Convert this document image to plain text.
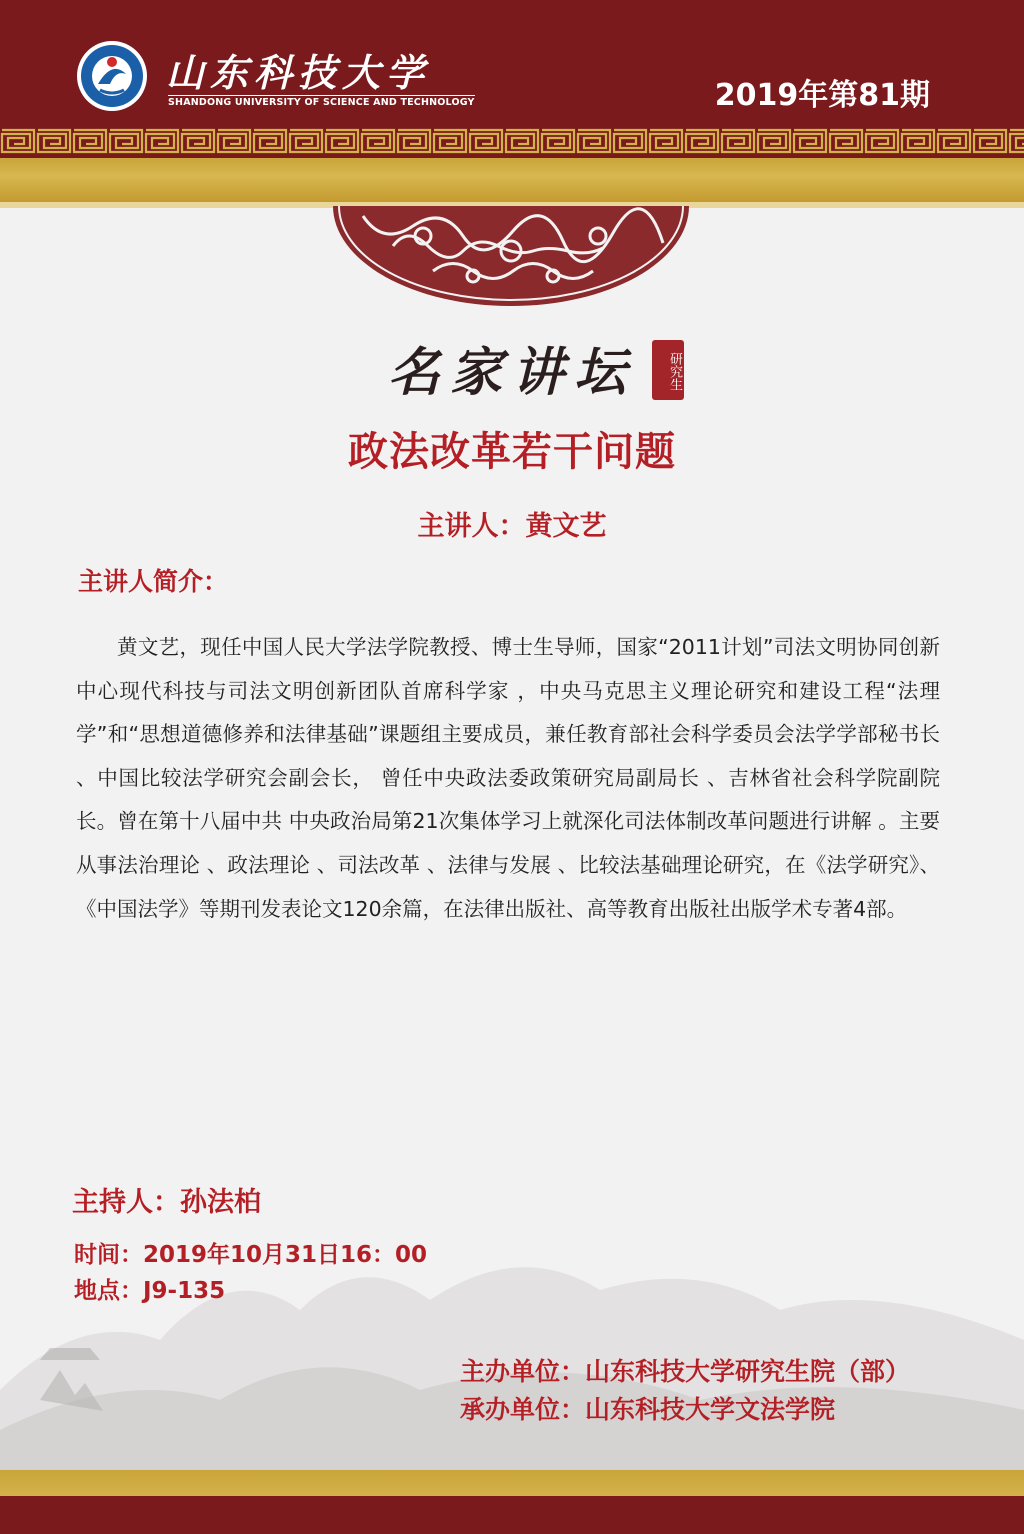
山东科技大学
SHANDONG UNIVERSITY OF SCIENCE AND TECHNOLOGY	2019年第81期
名家讲坛	研究生
政法改革若干问题
主讲人：黄文艺
主讲人简介：
黄文艺，现任中国人民大学法学院教授、博士生导师，国家“2011计划”司法文明协同创新中心现代科技与司法文明创新团队首席科学家 ，中央马克思主义理论研究和建设工程“法理学”和“思想道德修养和法律基础”课题组主要成员，兼任教育部社会科学委员会法学学部秘书长 、中国比较法学研究会副会长， 曾任中央政法委政策研究局副局长 、吉林省社会科学院副院长。曾在第十八届中共 中央政治局第21次集体学习上就深化司法体制改革问题进行讲解 。主要从事法治理论 、政法理论 、司法改革 、法律与发展 、比较法基础理论研究，在《法学研究》、《中国法学》等期刊发表论文120余篇，在法律出版社、高等教育出版社出版学术专著4部。
主持人：孙法柏
时间：2019年10月31日16：00
地点：J9-135
主办单位：山东科技大学研究生院（部）
承办单位：山东科技大学文法学院
